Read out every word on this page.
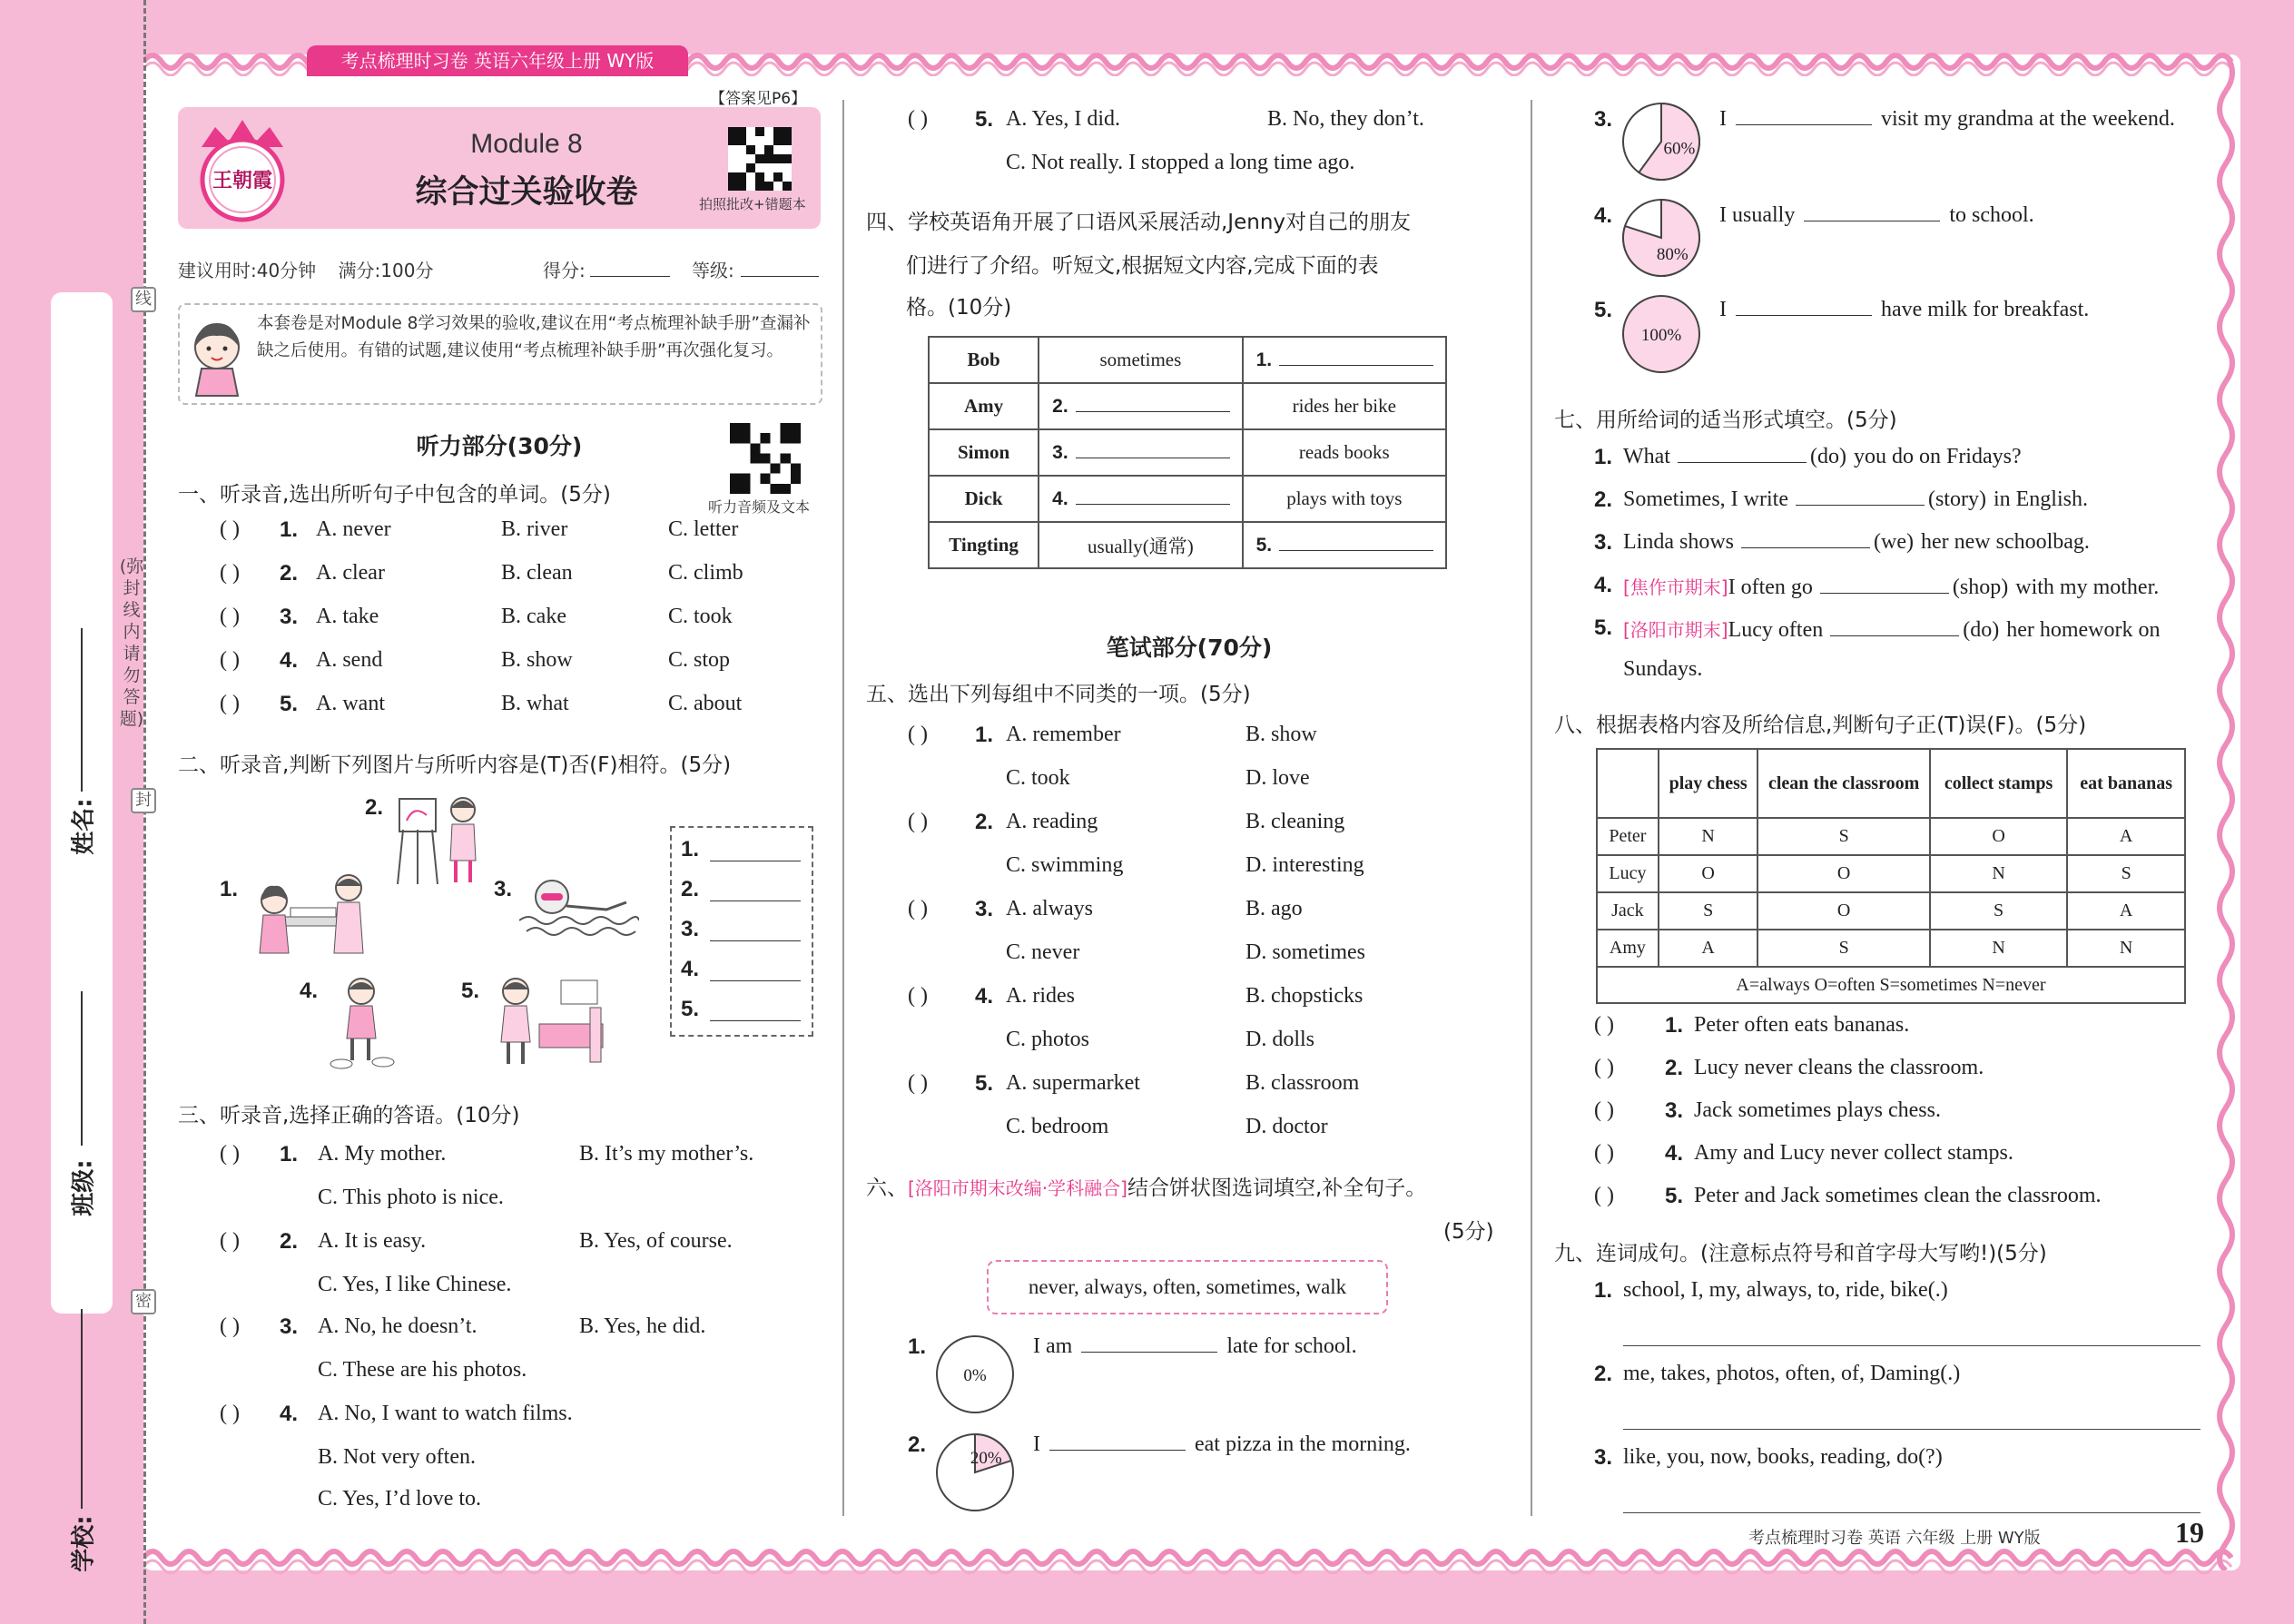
姓名:
班级:
学校:
线
封
密
(弥封线内请勿答题)
考点梳理时习卷 英语六年级上册 WY版
王朝霞
Module 8
综合过关验收卷
【答案见P6】
拍照批改+错题本
建议用时:40分钟 满分:100分	得分:	等级:
本套卷是对Module 8学习效果的验收,建议在用“考点梳理补缺手册”查漏补缺之后使用。有错的试题,建议使用“考点梳理补缺手册”再次强化复习。
听力部分(30分)
听力音频及文本
一、听录音,选出所听句子中包含的单词。(5分)
( ) 1. A. never	B. river	C. letter
( ) 2. A. clear	B. clean	C. climb
( ) 3. A. take	B. cake	C. took
( ) 4. A. send	B. show	C. stop
( ) 5. A. want	B. what	C. about
二、听录音,判断下列图片与所听内容是(T)否(F)相符。(5分)
1.
2.
3.
4.	5.
1.
2.
3.
4.
5.
三、听录音,选择正确的答语。(10分)
( ) 1. A. My mother.	B. It’s my mother’s.
C. This photo is nice.
( ) 2. A. It is easy.	B. Yes, of course.
C. Yes, I like Chinese.
( ) 3. A. No, he doesn’t.	B. Yes, he did.
C. These are his photos.
( ) 4. A. No, I want to watch films.
B. Not very often.
C. Yes, I’d love to.
( ) 5. A. Yes, I did.	B. No, they don’t.
C. Not really. I stopped a long time ago.
四、学校英语角开展了口语风采展活动,Jenny对自己的朋友
们进行了介绍。听短文,根据短文内容,完成下面的表
格。(10分)
Bob	sometimes	1.
Amy	2.	rides her bike
Simon	3.	reads books
Dick	4.	plays with toys
Tingting	usually(通常)	5.
笔试部分(70分)
五、选出下列每组中不同类的一项。(5分)
( ) 1. A. remember	B. show
C. took	D. love
( ) 2. A. reading	B. cleaning
C. swimming	D. interesting
( ) 3. A. always	B. ago
C. never	D. sometimes
( ) 4. A. rides	B. chopsticks
C. photos	D. dolls
( ) 5. A. supermarket	B. classroom
C. bedroom	D. doctor
六、[洛阳市期末改编·学科融合]结合饼状图选词填空,补全句子。
(5分)
never, always, often, sometimes, walk
1.
0%
I am	late for school.
2.
20%
I	eat pizza in the morning.
3.
60%
I	visit my grandma at the weekend.
4.
80%
I usually	to school.
5.
100%
I	have milk for breakfast.
七、用所给词的适当形式填空。(5分)
1. What	(do) you do on Fridays?
2. Sometimes, I write	(story) in English.
3. Linda shows	(we) her new schoolbag.
4. [焦作市期末]I often go	(shop) with my mother.
5. [洛阳市期末]Lucy often	(do) her homework on
Sundays.
八、根据表格内容及所给信息,判断句子正(T)误(F)。(5分)
	play chess	clean the classroom	collect stamps	eat bananas
Peter	N	S	O	A
Lucy	O	O	N	S
Jack	S	O	S	A
Amy	A	S	N	N
A=always O=often S=sometimes N=never				
( ) 1. Peter often eats bananas.
( ) 2. Lucy never cleans the classroom.
( ) 3. Jack sometimes plays chess.
( ) 4. Amy and Lucy never collect stamps.
( ) 5. Peter and Jack sometimes clean the classroom.
九、连词成句。(注意标点符号和首字母大写哟!)(5分)
1. school, I, my, always, to, ride, bike(.)
2. me, takes, photos, often, of, Daming(.)
3. like, you, now, books, reading, do(?)
考点梳理时习卷 英语 六年级 上册 WY版	19
